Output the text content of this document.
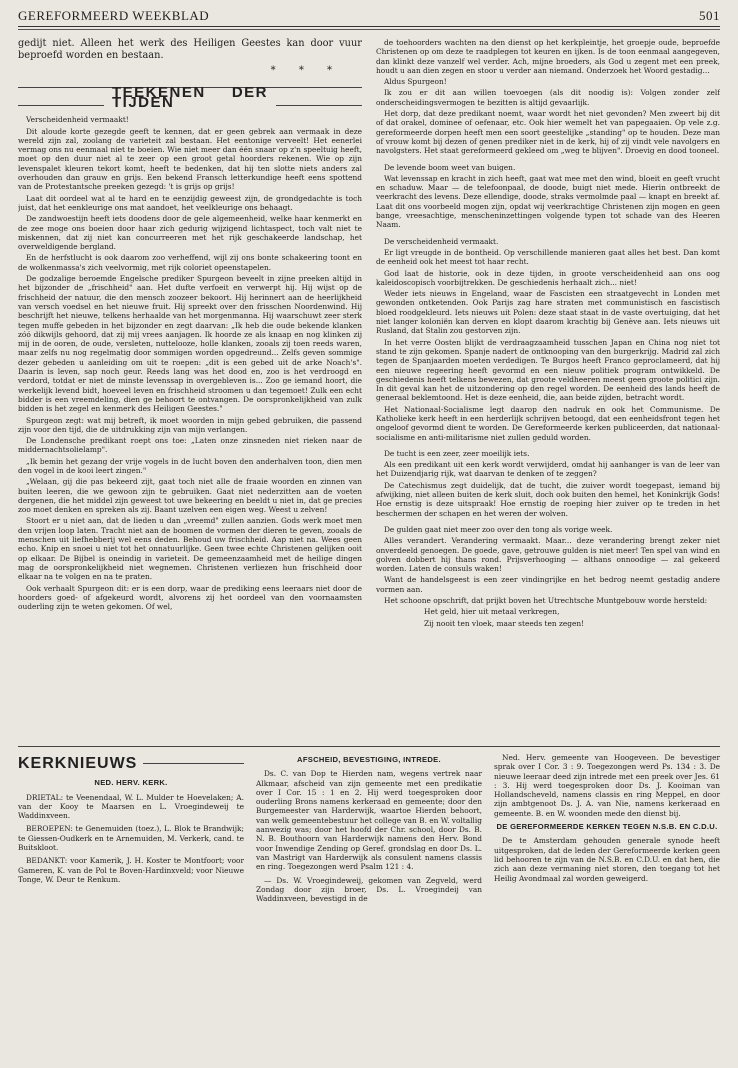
GEREFORMEERD WEEKBLAD	501

gedijt niet. Alleen het werk des Heiligen Geestes kan door vuur beproefd worden en bestaan.

* * *
TEEKENEN DER TIJDEN

Verscheidenheid vermaakt!

Dit aloude korte gezegde geeft te kennen, dat er geen gebrek aan vermaak in deze wereld zijn zal, zoolang de varieteit zal bestaan. Het eentonige verveelt! Het eenerlei vermag ons nu eenmaal niet te boeien. Wie niet meer dan één snaar op z'n speeltuig heeft, moet op den duur niet al te zeer op een groot getal hoorders rekenen. Wie op zijn levenspalet kleuren tekort komt, heeft te bedenken, dat hij ten slotte niets anders zal overhouden dan grauw en grijs. Een bekend Fransch letterkundige heeft eens spottend van de Protestantsche preeken gezegd: 't is grijs op grijs!

Laat dit oordeel wat al te hard en te eenzijdig geweest zijn, de grondgedachte is toch juist, dat het eenkleurige ons mat aandoet, het veelkleurige ons behaagt.

De zandwoestijn heeft iets doodens door de gele algemeenheid, welke haar kenmerkt en de zee moge ons boeien door haar zich gedurig wijzigend lichtaspect, toch valt niet te miskennen, dat zij niet kan concurreeren met het rijk geschakeerde landschap, het overweldigende bergland.

En de herfstlucht is ook daarom zoo verheffend, wijl zij ons bonte schakeering toont en de wolkenmassa's zich veelvormig, met rijk coloriet opeenstapelen.

De godzalige beroemde Engelsche prediker Spurgeon beveelt in zijne preeken altijd in het bijzonder de „frischheid" aan. Het dufte verfoeit en verwerpt hij. Hij wijst op de frischheid der natuur, die den mensch zoozeer bekoort. Hij herinnert aan de heerlijkheid van versch voedsel en het nieuwe fruit. Hij spreekt over den frisschen Noordenwind. Hij beschrijft het nieuwe, telkens herhaalde van het morgenmanna. Hij waarschuwt zeer sterk tegen muffe gebeden in het bijzonder en zegt daarvan: „Ik heb die oude bekende klanken zóó dikwijls gehoord, dat zij mij vrees aanjagen. Ik hoorde ze als knaap en nog klinken zij mij in de ooren, de oude, versleten, nuttelooze, holle klanken, zooals zij toen reeds waren, maar zelfs nu nog regelmatig door sommigen worden opgedreund... Zelfs geven sommige dezer gebeden u aanleiding om uit te roepen: „dit is een gebed uit de arke Noach's". Daarin is leven, sap noch geur. Reeds lang was het dood en, zoo is het verdroogd en verdord, totdat er niet de minste levenssap in overgebleven is... Zoo ge iemand hoort, die werkelijk levend bidt, hoeveel leven en frischheid stroomen u dan tegemoet! Zulk een echt bidder is een vreemdeling, dien ge behoort te ontvangen. De oorspronkelijkheid van zulk bidden is het zegel en kenmerk des Heiligen Geestes."

Spurgeon zegt: wat mij betreft, ik moet woorden in mijn gebed gebruiken, die passend zijn voor den tijd, die de uitdrukking zijn van mijn verlangen.

De Londensche predikant roept ons toe: „Laten onze zinsneden niet rieken naar de middernachtsolielamp".

„Ik bemin het gezang der vrije vogels in de lucht boven den anderhalven toon, dien men den vogel in de kooi leert zingen."

„Welaan, gij die pas bekeerd zijt, gaat toch niet alle de fraaie woorden en zinnen van buiten leeren, die we gewoon zijn te gebruiken. Gaat niet nederzitten aan de voeten dergenen, die het middel zijn geweest tot uwe bekeering en beeldt u niet in, dat ge precies zoo moet denken en spreken als zij. Baant uzelven een eigen weg. Weest u zelven!

Stoort er u niet aan, dat de lieden u dan „vreemd" zullen aanzien. Gods werk moet men den vrijen loop laten. Tracht niet aan de boomen de vormen der dieren te geven, zooals de menschen uit liefhebberij wel eens deden. Behoud uw frischheid. Aap niet na. Wees geen echo. Knip en snoei u niet tot het onnatuurlijke. Geen twee echte Christenen gelijken ooit op elkaar. De Bijbel is oneindig in varieteit. De gemeenzaamheid met de heilige dingen mag de oorspronkelijkheid niet wegnemen. Christenen verliezen hun frischheid door elkaar na te volgen en na te praten.

Ook verhaalt Spurgeon dit: er is een dorp, waar de prediking eens leeraars niet door de hoorders goed- of afgekeurd wordt, alvorens zij het oordeel van den voornaamsten ouderling zijn te weten gekomen. Of wel,

de toehoorders wachten na den dienst op het kerkpleintje, het groepje oude, beproefde Christenen op om deze te raadplegen tot keuren en ijken. Is de toon eenmaal aangegeven, dan klinkt deze vanzelf wel verder. Ach, mijne broeders, als God u zegent met een preek, houdt u aan dien zegen en stoor u verder aan niemand. Onderzoek het Woord gestadig...

Aldus Spurgeon!

Ik zou er dit aan willen toevoegen (als dit noodig is): Volgen zonder zelf onderscheidingsvermogen te bezitten is altijd gevaarlijk.

Het dorp, dat deze predikant noemt, waar wordt het niet gevonden? Men zweert bij dit of dat orakel, dominee of oefenaar, etc. Ook hier wemelt het van papegaaien. Op vele z.g. gereformeerde dorpen heeft men een soort geestelijke „standing" op te houden. Deze man of vrouw komt bij dezen of genen prediker niet in de kerk, hij of zij vindt vele navolgers en navolgsters. Het staat gereformeerd gekleed om „weg te blijven". Droevig en dood tooneel.

De levende boom weet van buigen.

Wat levenssap en kracht in zich heeft, gaat wat mee met den wind, bloeit en geeft vrucht en schaduw. Maar — de telefoonpaal, de doode, buigt niet mede. Hierin ontbreekt de veerkracht des levens. Deze ellendige, doode, straks vermolmde paal — knapt en breekt af. Laat dit ons voorbeeld mogen zijn, opdat wij veerkrachtige Christenen zijn mogen en geen bange, vreesachtige, menscheninzettingen volgende typen tot schade van des Heeren Naam.

De verscheidenheid vermaakt.

Er ligt vreugde in de bontheid. Op verschillende manieren gaat alles het best. Dan komt de eenheid ook het meest tot haar recht.

God laat de historie, ook in deze tijden, in groote verscheidenheid aan ons oog kaleidoscopisch voorbijtrekken. De geschiedenis herhaalt zich... niet!

Weder iets nieuws in Engeland, waar de Fascisten een straatgevecht in Londen met gewonden ontketenden. Ook Parijs zag hare straten met communistisch en fascistisch bloed roodgekleurd. Iets nieuws uit Polen: deze staat staat in de vaste overtuiging, dat het niet langer koloniën kan derven en klopt daarom krachtig bij Genève aan. Iets nieuws uit Rusland, dat Stalin zou gestorven zijn.

In het verre Oosten blijkt de verdraagzaamheid tusschen Japan en China nog niet tot stand te zijn gekomen. Spanje nadert de ontknooping van den burgerkrijg. Madrid zal zich tegen de Spanjaarden moeten verdedigen. Te Burgos heeft Franco geproclameerd, dat hij een nieuwe regeering heeft gevormd en een nieuw politiek program ontwikkeld. De geschiedenis heeft telkens bewezen, dat groote veldheeren meest geen groote politici zijn. In dit geval kan het de uitzondering op den regel worden. De eenheid des lands heeft de generaal beklemtoond. Het is deze eenheid, die, aan beide zijden, betracht wordt.

Het Nationaal-Socialisme legt daarop den nadruk en ook het Communisme. De Katholieke kerk heeft in een herderlijk schrijven betoogd, dat een eenheidsfront tegen het ongeloof gevormd dient te worden. De Gereformeerde kerken publiceerden, dat nationaal-socialisme en anti-militarisme niet zullen geduld worden.

De tucht is een zeer, zeer moeilijk iets.

Als een predikant uit een kerk wordt verwijderd, omdat hij aanhanger is van de leer van het Duizendjarig rijk, wat daarvan te denken of te zeggen?

De Catechismus zegt duidelijk, dat de tucht, die zuiver wordt toegepast, iemand bij afwijking, niet alleen buiten de kerk sluit, doch ook buiten den hemel, het Koninkrijk Gods! Hoe ernstig is deze uitspraak! Hoe ernstig de roeping hier zuiver op te treden in het beschermen der schapen en het weren der wolven.

De gulden gaat niet meer zoo over den tong als vorige week.

Alles verandert. Verandering vermaakt. Maar... deze verandering brengt zeker niet onverdeeld genoegen. De goede, gave, getrouwe gulden is niet meer! Ten spel van wind en golven dobbert hij thans rond. Prijsverhooging — althans onnoodige — zal gekeerd worden. Laten de consuls waken!

Want de handelsgeest is een zeer vindingrijke en het bedrog neemt gestadig andere vormen aan.

Het schoone opschrift, dat prijkt boven het Utrechtsche Muntgebouw worde hersteld:

Het geld, hier uit metaal verkregen,

Zij nooit ten vloek, maar steeds ten zegen!

KERKNIEUWS
NED. HERV. KERK.

DRIETAL: te Veenendaal, W. L. Mulder te Hoevelaken; A. van der Kooy te Maarsen en L. Vroegindeweij te Waddinxveen.

BEROEPEN: te Genemuiden (toez.), L. Blok te Brandwijk; te Giessen-Oudkerk en te Arnemuiden, M. Verkerk, cand. te Buitskloot.

BEDANKT: voor Kamerik, J. H. Koster te Montfoort; voor Gameren, K. van de Pol te Boven-Hardinxveld; voor Nieuwe Tonge, W. Deur te Renkum.

AFSCHEID, BEVESTIGING, INTREDE.

Ds. C. van Dop te Hierden nam, wegens vertrek naar Alkmaar, afscheid van zijn gemeente met een predikatie over I Cor. 15 : 1 en 2. Hij werd toegesproken door ouderling Brons namens kerkeraad en gemeente; door den Burgemeester van Harderwijk, waartoe Hierden behoort, van welk gemeentebestuur het college van B. en W. voltallig aanwezig was; door het hoofd der Chr. school, door Ds. B. N. B. Bouthoorn van Harderwijk namens den Herv. Bond voor Inwendige Zending op Geref. grondslag en door Ds. L. van Mastrigt van Harderwijk als consulent namens classis en ring. Toegezongen werd Psalm 121 : 4.

— Ds. W. Vroegindeweij, gekomen van Zegveld, werd Zondag door zijn broer, Ds. L. Vroegindeij van Waddinxveen, bevestigd in de

Ned. Herv. gemeente van Hoogeveen. De bevestiger sprak over I Cor. 3 : 9. Toegezongen werd Ps. 134 : 3. De nieuwe leeraar deed zijn intrede met een preek over Jes. 61 : 3. Hij werd toegesproken door Ds. J. Kooiman van Hollandscheveld, namens classis en ring Meppel, en door zijn ambtgenoot Ds. J. A. van Nie, namens kerkeraad en gemeente. B. en W. woonden mede den dienst bij.

DE GEREFORMEERDE KERKEN TEGEN N.S.B. EN C.D.U.

De te Amsterdam gehouden generale synode heeft uitgesproken, dat de leden der Gereformeerde kerken geen lid behooren te zijn van de N.S.B. en C.D.U. en dat hen, die zich aan deze vermaning niet storen, den toegang tot het Heilig Avondmaal zal worden geweigerd.
